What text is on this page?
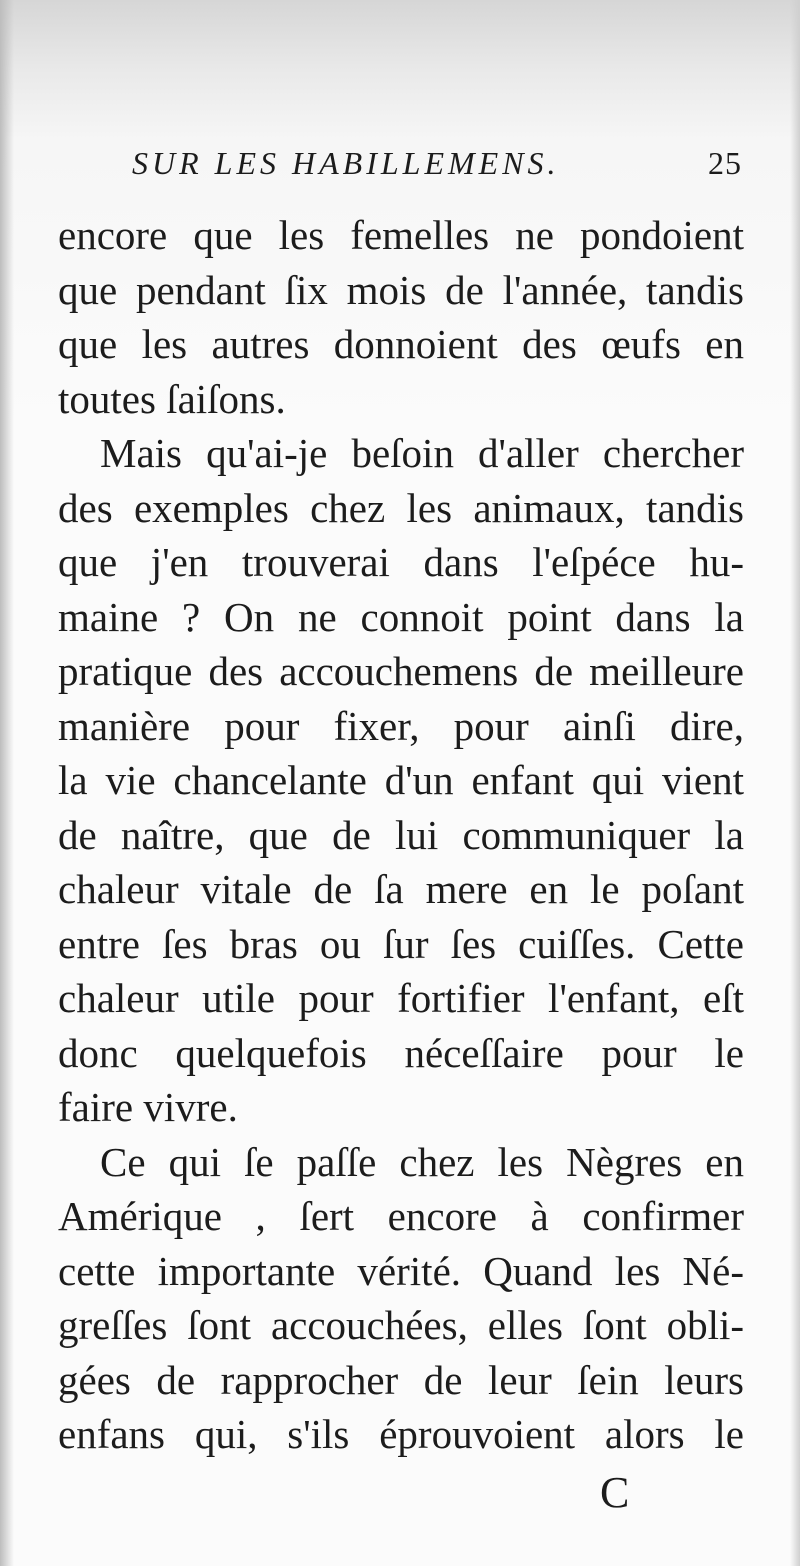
SUR LES HABILLEMENS.	25
encore que les femelles ne pondoient
que pendant ſix mois de l'année, tandis
que les autres donnoient des œufs en
toutes ſaiſons.
Mais qu'ai-je beſoin d'aller chercher
des exemples chez les animaux, tandis
que j'en trouverai dans l'eſpéce hu-
maine ? On ne connoit point dans la
pratique des accouchemens de meilleure
manière pour fixer, pour ainſi dire,
la vie chancelante d'un enfant qui vient
de naître, que de lui communiquer la
chaleur vitale de ſa mere en le poſant
entre ſes bras ou ſur ſes cuiſſes. Cette
chaleur utile pour fortifier l'enfant, eſt
donc quelquefois néceſſaire pour le
faire vivre.
Ce qui ſe paſſe chez les Nègres en
Amérique , ſert encore à confirmer
cette importante vérité. Quand les Né-
greſſes ſont accouchées, elles ſont obli-
gées de rapprocher de leur ſein leurs
enfans qui, s'ils éprouvoient alors le
C
